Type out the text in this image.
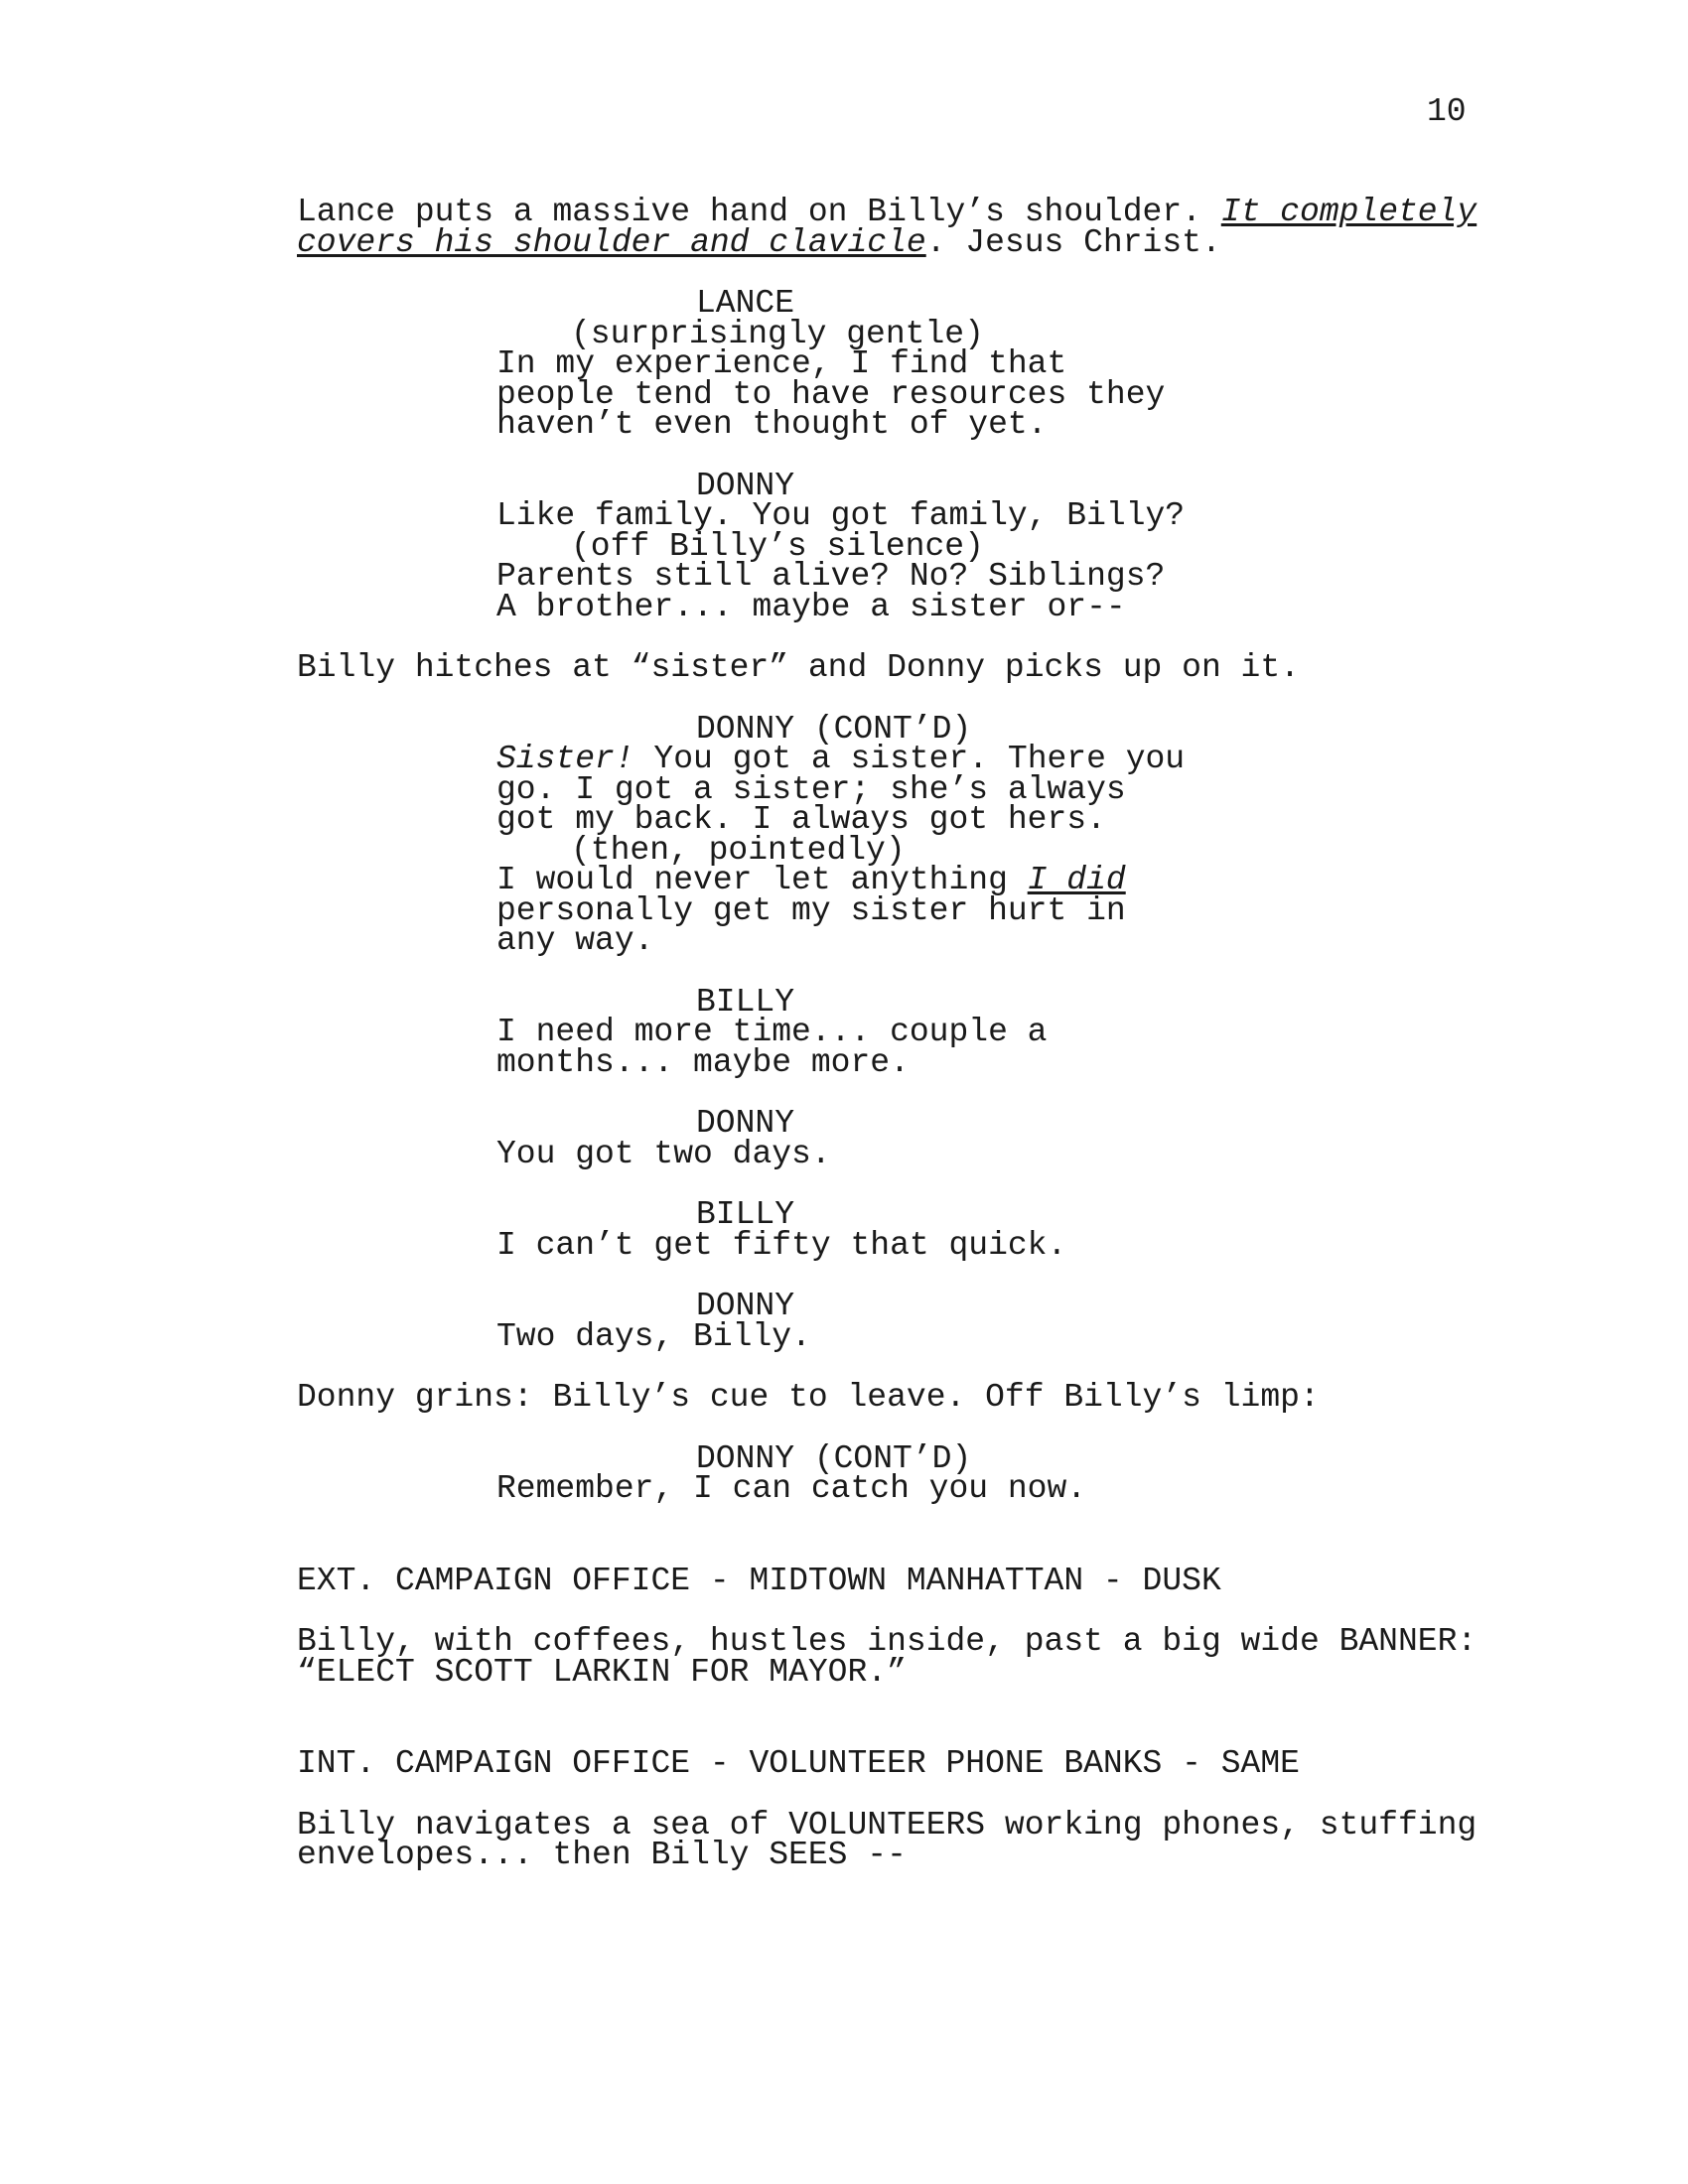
10

Lance puts a massive hand on Billy’s shoulder. It completely

covers his shoulder and clavicle. Jesus Christ.

LANCE

(surprisingly gentle)

In my experience, I find that

people tend to have resources they

haven’t even thought of yet.

DONNY

Like family. You got family, Billy?

(off Billy’s silence)

Parents still alive? No? Siblings?

A brother... maybe a sister or--

Billy hitches at “sister” and Donny picks up on it.

DONNY (CONT’D)

Sister! You got a sister. There you

go. I got a sister; she’s always

got my back. I always got hers.

(then, pointedly)

I would never let anything I did

personally get my sister hurt in

any way.

BILLY

I need more time... couple a

months... maybe more.

DONNY

You got two days.

BILLY

I can’t get fifty that quick.

DONNY

Two days, Billy.

Donny grins: Billy’s cue to leave. Off Billy’s limp:

DONNY (CONT’D)

Remember, I can catch you now.

EXT. CAMPAIGN OFFICE - MIDTOWN MANHATTAN - DUSK

Billy, with coffees, hustles inside, past a big wide BANNER:

“ELECT SCOTT LARKIN FOR MAYOR.”

INT. CAMPAIGN OFFICE - VOLUNTEER PHONE BANKS - SAME

Billy navigates a sea of VOLUNTEERS working phones, stuffing

envelopes... then Billy SEES --
